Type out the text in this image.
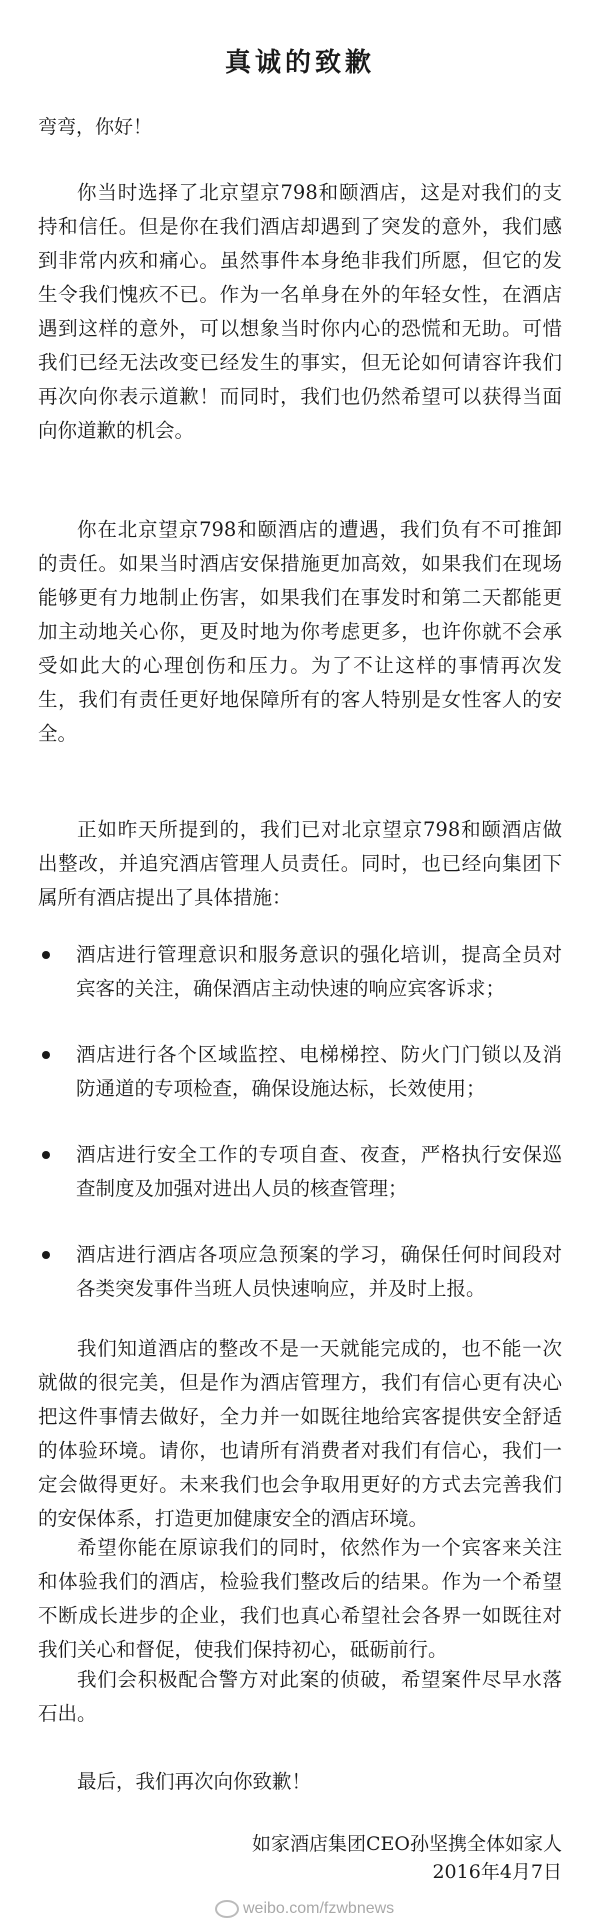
真诚的致歉

弯弯，你好！

你当时选择了北京望京798和颐酒店，这是对我们的支持和信任。但是你在我们酒店却遇到了突发的意外，我们感到非常内疚和痛心。虽然事件本身绝非我们所愿，但它的发生令我们愧疚不已。作为一名单身在外的年轻女性，在酒店遇到这样的意外，可以想象当时你内心的恐慌和无助。可惜我们已经无法改变已经发生的事实，但无论如何请容许我们再次向你表示道歉！而同时，我们也仍然希望可以获得当面向你道歉的机会。

你在北京望京798和颐酒店的遭遇，我们负有不可推卸的责任。如果当时酒店安保措施更加高效，如果我们在现场能够更有力地制止伤害，如果我们在事发时和第二天都能更加主动地关心你，更及时地为你考虑更多，也许你就不会承受如此大的心理创伤和压力。为了不让这样的事情再次发生，我们有责任更好地保障所有的客人特别是女性客人的安全。

正如昨天所提到的，我们已对北京望京798和颐酒店做出整改，并追究酒店管理人员责任。同时，也已经向集团下属所有酒店提出了具体措施：

酒店进行管理意识和服务意识的强化培训，提高全员对宾客的关注，确保酒店主动快速的响应宾客诉求；
酒店进行各个区域监控、电梯梯控、防火门门锁以及消防通道的专项检查，确保设施达标，长效使用；
酒店进行安全工作的专项自查、夜查，严格执行安保巡查制度及加强对进出人员的核查管理；
酒店进行酒店各项应急预案的学习，确保任何时间段对各类突发事件当班人员快速响应，并及时上报。

我们知道酒店的整改不是一天就能完成的，也不能一次就做的很完美，但是作为酒店管理方，我们有信心更有决心把这件事情去做好，全力并一如既往地给宾客提供安全舒适的体验环境。请你，也请所有消费者对我们有信心，我们一定会做得更好。未来我们也会争取用更好的方式去完善我们的安保体系，打造更加健康安全的酒店环境。

希望你能在原谅我们的同时，依然作为一个宾客来关注和体验我们的酒店，检验我们整改后的结果。作为一个希望不断成长进步的企业，我们也真心希望社会各界一如既往对我们关心和督促，使我们保持初心，砥砺前行。

我们会积极配合警方对此案的侦破，希望案件尽早水落石出。

最后，我们再次向你致歉！

如家酒店集团CEO孙坚携全体如家人
2016年4月7日
weibo.com/fzwbnews
